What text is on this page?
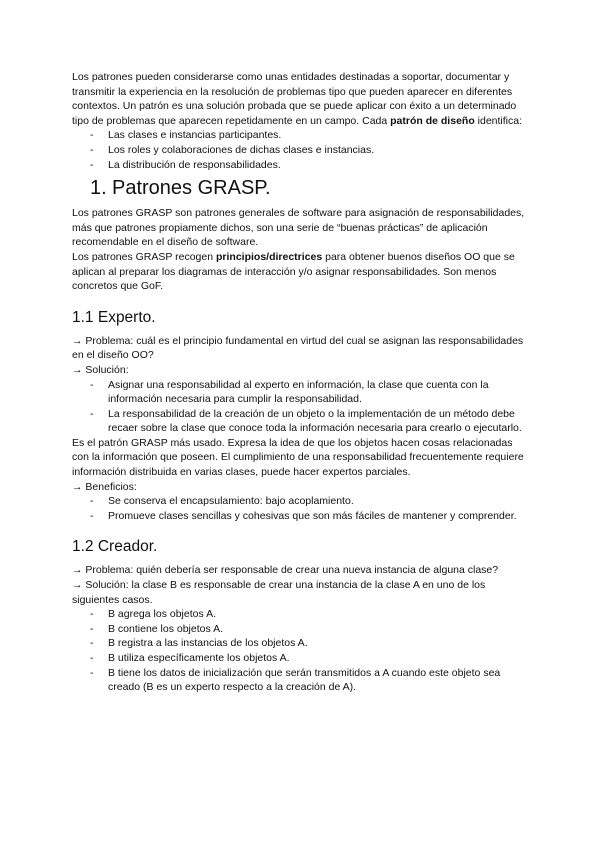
Los patrones pueden considerarse como unas entidades destinadas a soportar, documentar y transmitir la experiencia en la resolución de problemas tipo que pueden aparecer en diferentes contextos. Un patrón es una solución probada que se puede aplicar con éxito a un determinado tipo de problemas que aparecen repetidamente en un campo. Cada patrón de diseño identifica:

- Las clases e instancias participantes.
- Los roles y colaboraciones de dichas clases e instancias.
- La distribución de responsabilidades.
1. Patrones GRASP.

Los patrones GRASP son patrones generales de software para asignación de responsabilidades, más que patrones propiamente dichos, son una serie de “buenas prácticas” de aplicación recomendable en el diseño de software.

Los patrones GRASP recogen principios/directrices para obtener buenos diseños OO que se aplican al preparar los diagramas de interacción y/o asignar responsabilidades. Son menos concretos que GoF.

1.1 Experto.

→ Problema: cuál es el principio fundamental en virtud del cual se asignan las responsabilidades en el diseño OO?

→ Solución:

- Asignar una responsabilidad al experto en información, la clase que cuenta con la información necesaria para cumplir la responsabilidad.
- La responsabilidad de la creación de un objeto o la implementación de un método debe recaer sobre la clase que conoce toda la información necesaria para crearlo o ejecutarlo.

Es el patrón GRASP más usado. Expresa la idea de que los objetos hacen cosas relacionadas con la información que poseen. El cumplimiento de una responsabilidad frecuentemente requiere información distribuida en varias clases, puede hacer expertos parciales.

→ Beneficios:

- Se conserva el encapsulamiento: bajo acoplamiento.
- Promueve clases sencillas y cohesivas que son más fáciles de mantener y comprender.
1.2 Creador.

→ Problema: quién debería ser responsable de crear una nueva instancia de alguna clase?

→ Solución: la clase B es responsable de crear una instancia de la clase A en uno de los siguientes casos.

- B agrega los objetos A.
- B contiene los objetos A.
- B registra a las instancias de los objetos A.
- B utiliza específicamente los objetos A.
- B tiene los datos de inicialización que serán transmitidos a A cuando este objeto sea creado (B es un experto respecto a la creación de A).
